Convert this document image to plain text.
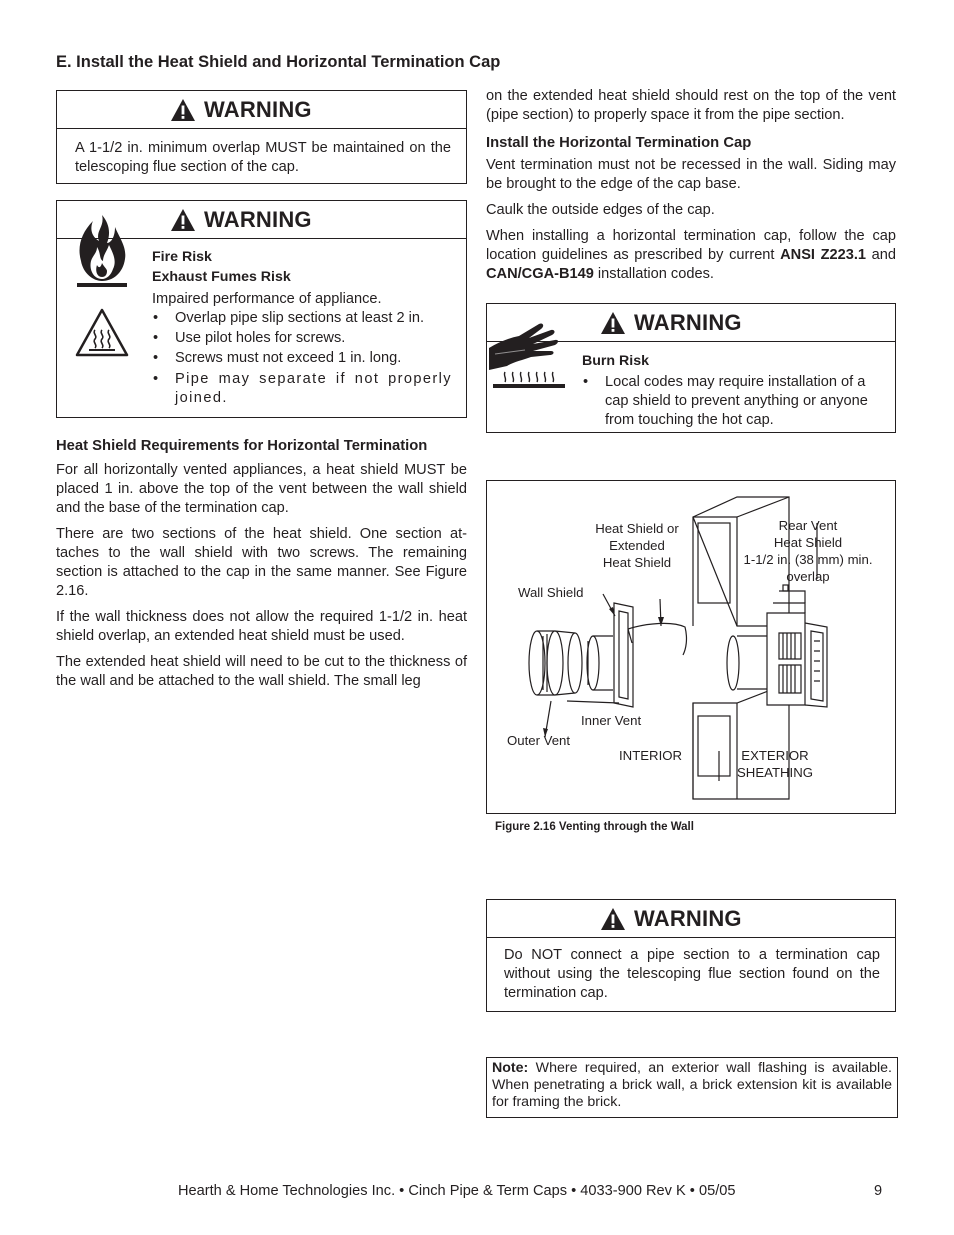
E. Install the Heat Shield and Horizontal Termination Cap
WARNING
A 1-1/2 in. minimum overlap MUST be maintained on the telescoping flue section of the cap.
WARNING
Fire Risk
Exhaust Fumes Risk
Impaired performance of appliance.
• Overlap pipe slip sections at least 2 in.
• Use pilot holes for screws.
• Screws must not exceed 1 in. long.
• Pipe may separate if not properly joined.
Heat Shield Requirements for Horizontal Termination

For all horizontally vented appliances, a heat shield MUST be placed 1 in. above the top of the vent between the wall shield and the base of the termination cap.

There are two sections of the heat shield. One section at-taches to the wall shield with two screws. The remaining section is attached to the cap in the same manner. See Figure 2.16.

If the wall thickness does not allow the required 1-1/2 in. heat shield overlap, an extended heat shield must be used.

The extended heat shield will need to be cut to the thickness of the wall and be attached to the wall shield. The small leg

on the extended heat shield should rest on the top of the vent (pipe section) to properly space it from the pipe section.

Install the Horizontal Termination Cap

Vent termination must not be recessed in the wall. Siding may be brought to the edge of the cap base.

Caulk the outside edges of the cap.

When installing a horizontal termination cap, follow the cap location guidelines as prescribed by current ANSI Z223.1 and CAN/CGA-B149 installation codes.

WARNING
Burn Risk
• Local codes may require installation of a cap shield to prevent anything or anyone from touching the hot cap.
Heat Shield or
Extended
Heat Shield
Rear Vent
Heat Shield
1-1/2 in. (38 mm) min.
overlap
Wall Shield
Inner Vent
Outer Vent
INTERIOR	EXTERIOR
SHEATHING
Figure 2.16 Venting through the Wall
WARNING
Do NOT connect a pipe section to a termination cap without using the telescoping flue section found on the termination cap.
Note: Where required, an exterior wall flashing is available. When penetrating a brick wall, a brick extension kit is available for framing the brick.
Hearth & Home Technologies Inc. • Cinch Pipe & Term Caps • 4033-900 Rev K • 05/05	9
